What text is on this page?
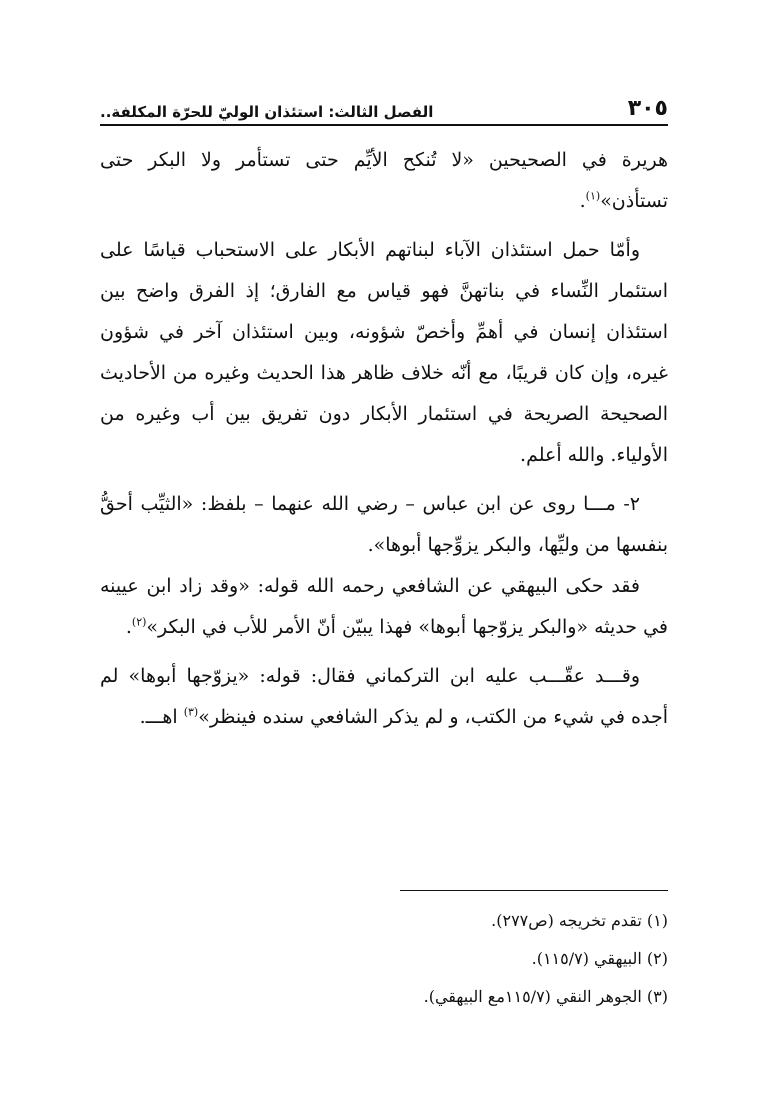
٣٠٥
الفصل الثالث: استئذان الوليّ للحرّة المكلفة..

هريرة في الصحيحين «لا تُنكح الأيِّم حتى تستأمر ولا البكر حتى تستأذن»$^{(١)}$.

وأمّا حمل استئذان الآباء لبناتهم الأبكار على الاستحباب قياسًا على استئمار النِّساء في بناتهنَّ فهو قياس مع الفارق؛ إذ الفرق واضح بين استئذان إنسان في أهمِّ وأخصّ شؤونه، وبين استئذان آخر في شؤون غيره، وإن كان قريبًا، مع أنّه خلاف ظاهر هذا الحديث وغيره من الأحاديث الصحيحة الصريحة في استئمار الأبكار دون تفريق بين أب وغيره من الأولياء. والله أعلم.

٢- مـــا روى عن ابن عباس – رضي الله عنهما – بلفظ: «الثيِّب أحقُّ بنفسها من وليِّها، والبكر يزوِّجها أبوها».

فقد حكى البيهقي عن الشافعي رحمه الله قوله: «وقد زاد ابن عيينه في حديثه «والبكر يزوّجها أبوها» فهذا يبيّن أنّ الأمر للأب في البكر»$^{(٢)}$.

وقـــد عقّـــب عليه ابن التركماني فقال: قوله: «يزوّجها أبوها» لم أجده في شيء من الكتب، و لم يذكر الشافعي سنده فينظر»$^{(٣)}$ اهـــ.

(١) تقدم تخريجه (ص٢٧٧).

(٢) البيهقي (١١٥/٧).

(٣) الجوهر النقي (١١٥/٧مع البيهقي).
